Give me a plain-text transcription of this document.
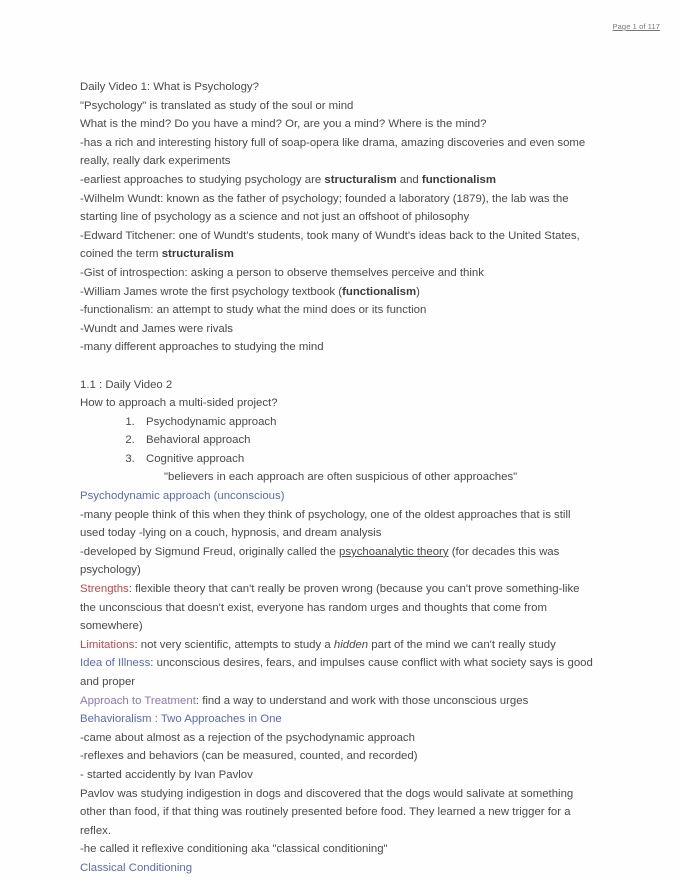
Page 1 of 117
Daily Video 1: What is Psychology?
"Psychology" is translated as study of the soul or mind
What is the mind? Do you have a mind? Or, are you a mind? Where is the mind?
-has a rich and interesting history full of soap-opera like drama, amazing discoveries and even some really, really dark experiments
-earliest approaches to studying psychology are structuralism and functionalism
-Wilhelm Wundt: known as the father of psychology; founded a laboratory (1879), the lab was the starting line of psychology as a science and not just an offshoot of philosophy
-Edward Titchener: one of Wundt's students, took many of Wundt's ideas back to the United States, coined the term structuralism
-Gist of introspection: asking a person to observe themselves perceive and think
-William James wrote the first psychology textbook (functionalism)
-functionalism: an attempt to study what the mind does or its function
-Wundt and James were rivals
-many different approaches to studying the mind
1.1 : Daily Video 2
How to approach a multi-sided project?
1. Psychodynamic approach
2. Behavioral approach
3. Cognitive approach
"believers in each approach are often suspicious of other approaches"
Psychodynamic approach (unconscious)
-many people think of this when they think of psychology, one of the oldest approaches that is still used today -lying on a couch, hypnosis, and dream analysis
-developed by Sigmund Freud, originally called the psychoanalytic theory (for decades this was psychology)
Strengths: flexible theory that can't really be proven wrong (because you can't prove something-like the unconscious that doesn't exist, everyone has random urges and thoughts that come from somewhere)
Limitations: not very scientific, attempts to study a hidden part of the mind we can't really study
Idea of Illness: unconscious desires, fears, and impulses cause conflict with what society says is good and proper
Approach to Treatment: find a way to understand and work with those unconscious urges
Behavioralism : Two Approaches in One
-came about almost as a rejection of the psychodynamic approach
-reflexes and behaviors (can be measured, counted, and recorded)
- started accidently by Ivan Pavlov
Pavlov was studying indigestion in dogs and discovered that the dogs would salivate at something other than food, if that thing was routinely presented before food. They learned a new trigger for a reflex.
-he called it reflexive conditioning aka "classical conditioning"
Classical Conditioning
